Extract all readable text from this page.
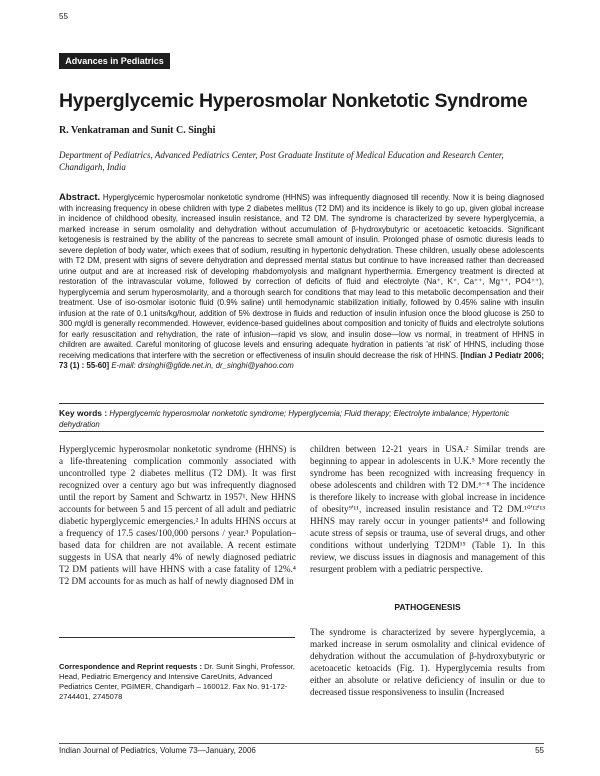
55
Advances in Pediatrics
Hyperglycemic Hyperosmolar Nonketotic Syndrome
R. Venkatraman and Sunit C. Singhi
Department of Pediatrics, Advanced Pediatrics Center, Post Graduate Institute of Medical Education and Research Center, Chandigarh, India
Abstract. Hyperglycemic hyperosmolar nonketotic syndrome (HHNS) was infrequently diagnosed till recently. Now it is being diagnosed with increasing frequency in obese children with type 2 diabetes mellitus (T2 DM) and its incidence is likely to go up, given global increase in incidence of childhood obesity, increased insulin resistance, and T2 DM. The syndrome is characterized by severe hyperglycemia, a marked increase in serum osmolality and dehydration without accumulation of β-hydroxybutyric or acetoacetic ketoacids. Significant ketogenesis is restrained by the ability of the pancreas to secrete small amount of insulin. Prolonged phase of osmotic diuresis leads to severe depletion of body water, which exees that of sodium, resulting in hypertonic dehydration. These children, usually obese adolescents with T2 DM, present with signs of severe dehydration and depressed mental status but continue to have increased rather than decreased urine output and are at increased risk of developing rhabdomyolysis and malignant hyperthermia. Emergency treatment is directed at restoration of the intravascular volume, followed by correction of deficits of fluid and electrolyte (Na⁺, K⁺, Ca⁺⁺, Mg⁺⁺, PO4⁺⁺), hyperglycemia and serum hyperosmolarity, and a thorough search for conditions that may lead to this metabolic decompensation and their treatment. Use of iso-osmolar isotonic fluid (0.9% saline) until hemodynamic stabilization initially, followed by 0.45% saline with insulin infusion at the rate of 0.1 units/kg/hour, addition of 5% dextrose in fluids and reduction of insulin infusion once the blood glucose is 250 to 300 mg/dl is generally recommended. However, evidence-based guidelines about composition and tonicity of fluids and electrolyte solutions for early resuscitation and rehydration, the rate of infusion—rapid vs slow, and insulin dose—low vs normal, in treatment of HHNS in children are awaited. Careful monitoring of glucose levels and ensuring adequate hydration in patients 'at risk' of HHNS, including those receiving medications that interfere with the secretion or effectiveness of insulin should decrease the risk of HHNS. [Indian J Pediatr 2006; 73 (1) : 55-60] E-mail: drsinghi@glide.net.in, dr_singhi@yahoo.com
Key words : Hyperglycemic hyperosmolar nonketotic syndrome; Hyperglycemia; Fluid therapy; Electrolyte imbalance; Hypertonic dehydration

Hyperglycemic hyperosmolar nonketotic syndrome (HHNS) is a life-threatening complication commonly associated with uncontrolled type 2 diabetes mellitus (T2 DM). It was first recognized over a century ago but was infrequently diagnosed until the report by Sament and Schwartz in 1957¹. New HHNS accounts for between 5 and 15 percent of all adult and pediatric diabetic hyperglycemic emergencies.² In adults HHNS occurs at a frequency of 17.5 cases/100,000 persons / year.³ Population–based data for children are not available. A recent estimate suggests in USA that nearly 4% of newly diagnosed pediatric T2 DM patients will have HHNS with a case fatality of 12%.⁴ T2 DM accounts for as much as half of newly diagnosed DM in

children between 12-21 years in USA.² Similar trends are beginning to appear in adolescents in U.K.⁵ More recently the syndrome has been recognized with increasing frequency in obese adolescents and children with T2 DM.⁶⁻⁸ The incidence is therefore likely to increase with global increase in incidence of obesity⁹'¹¹, increased insulin resistance and T2 DM.¹⁰'¹²'¹³ HHNS may rarely occur in younger patients¹⁴ and following acute stress of sepsis or trauma, use of several drugs, and other conditions without underlying T2DM¹⁵ (Table 1). In this review, we discuss issues in diagnosis and management of this resurgent problem with a pediatric perspective.

PATHOGENESIS

The syndrome is characterized by severe hyperglycemia, a marked increase in serum osmolality and clinical evidence of dehydration without the accumulation of β-hydroxybutyric or acetoacetic ketoacids (Fig. 1). Hyperglycemia results from either an absolute or relative deficiency of insulin or due to decreased tissue responsiveness to insulin (Increased

Correspondence and Reprint requests : Dr. Sunit Singhi, Professor, Head, Pediatric Emergency and Intensive CareUnits, Advanced Pediatrics Center, PGIMER, Chandigarh – 160012. Fax No. 91-172-2744401, 2745078
Indian Journal of Pediatrics, Volume 73—January, 2006	55
